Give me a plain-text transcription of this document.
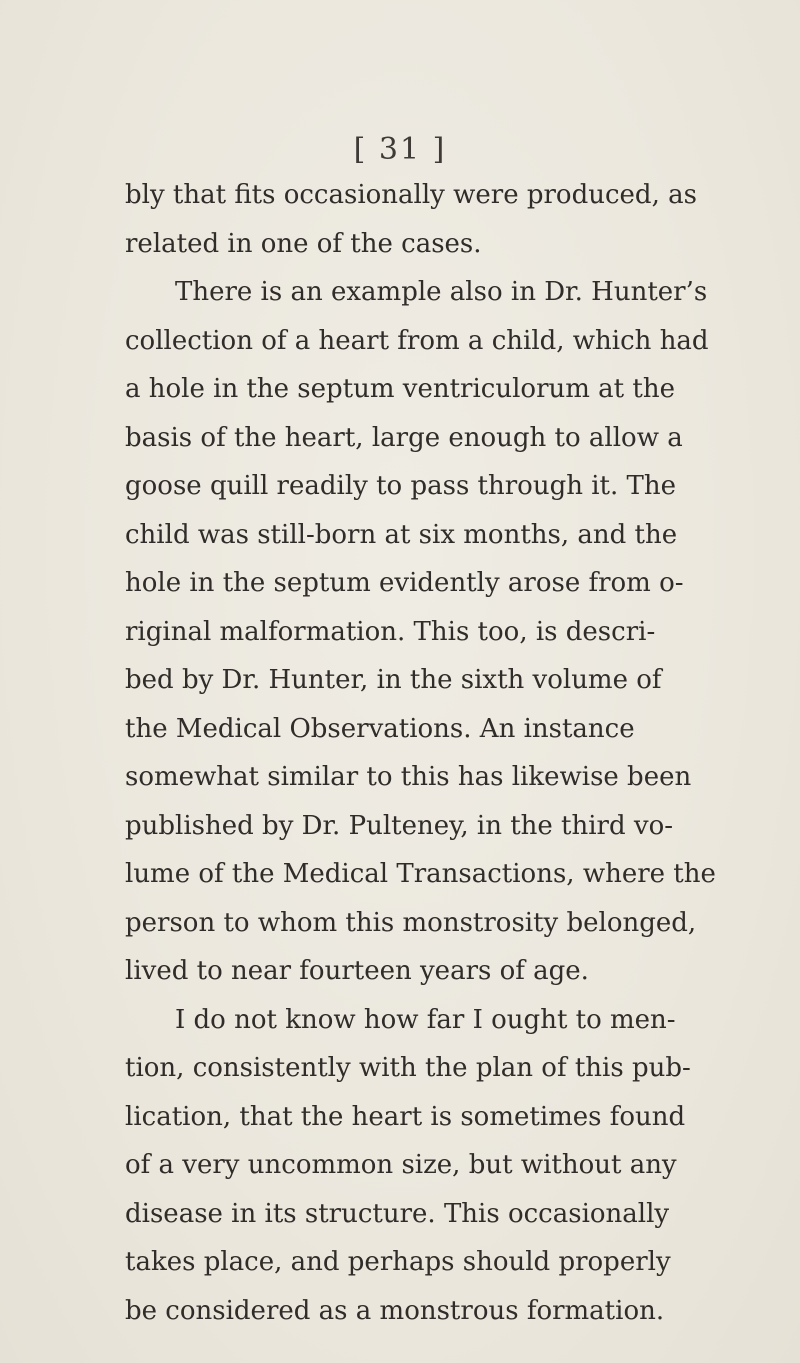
[ 31 ]
bly that fits occasionally were produced, as
related in one of the cases.
There is an example also in Dr. Hunter’s
collection of a heart from a child, which had
a hole in the septum ventriculorum at the
basis of the heart, large enough to allow a
goose quill readily to pass through it. The
child was still-born at six months, and the
hole in the septum evidently arose from o-
riginal malformation. This too, is descri-
bed by Dr. Hunter, in the sixth volume of
the Medical Observations. An instance
somewhat similar to this has likewise been
published by Dr. Pulteney, in the third vo-
lume of the Medical Transactions, where the
person to whom this monstrosity belonged,
lived to near fourteen years of age.
I do not know how far I ought to men-
tion, consistently with the plan of this pub-
lication, that the heart is sometimes found
of a very uncommon size, but without any
disease in its structure. This occasionally
takes place, and perhaps should properly
be considered as a monstrous formation.
